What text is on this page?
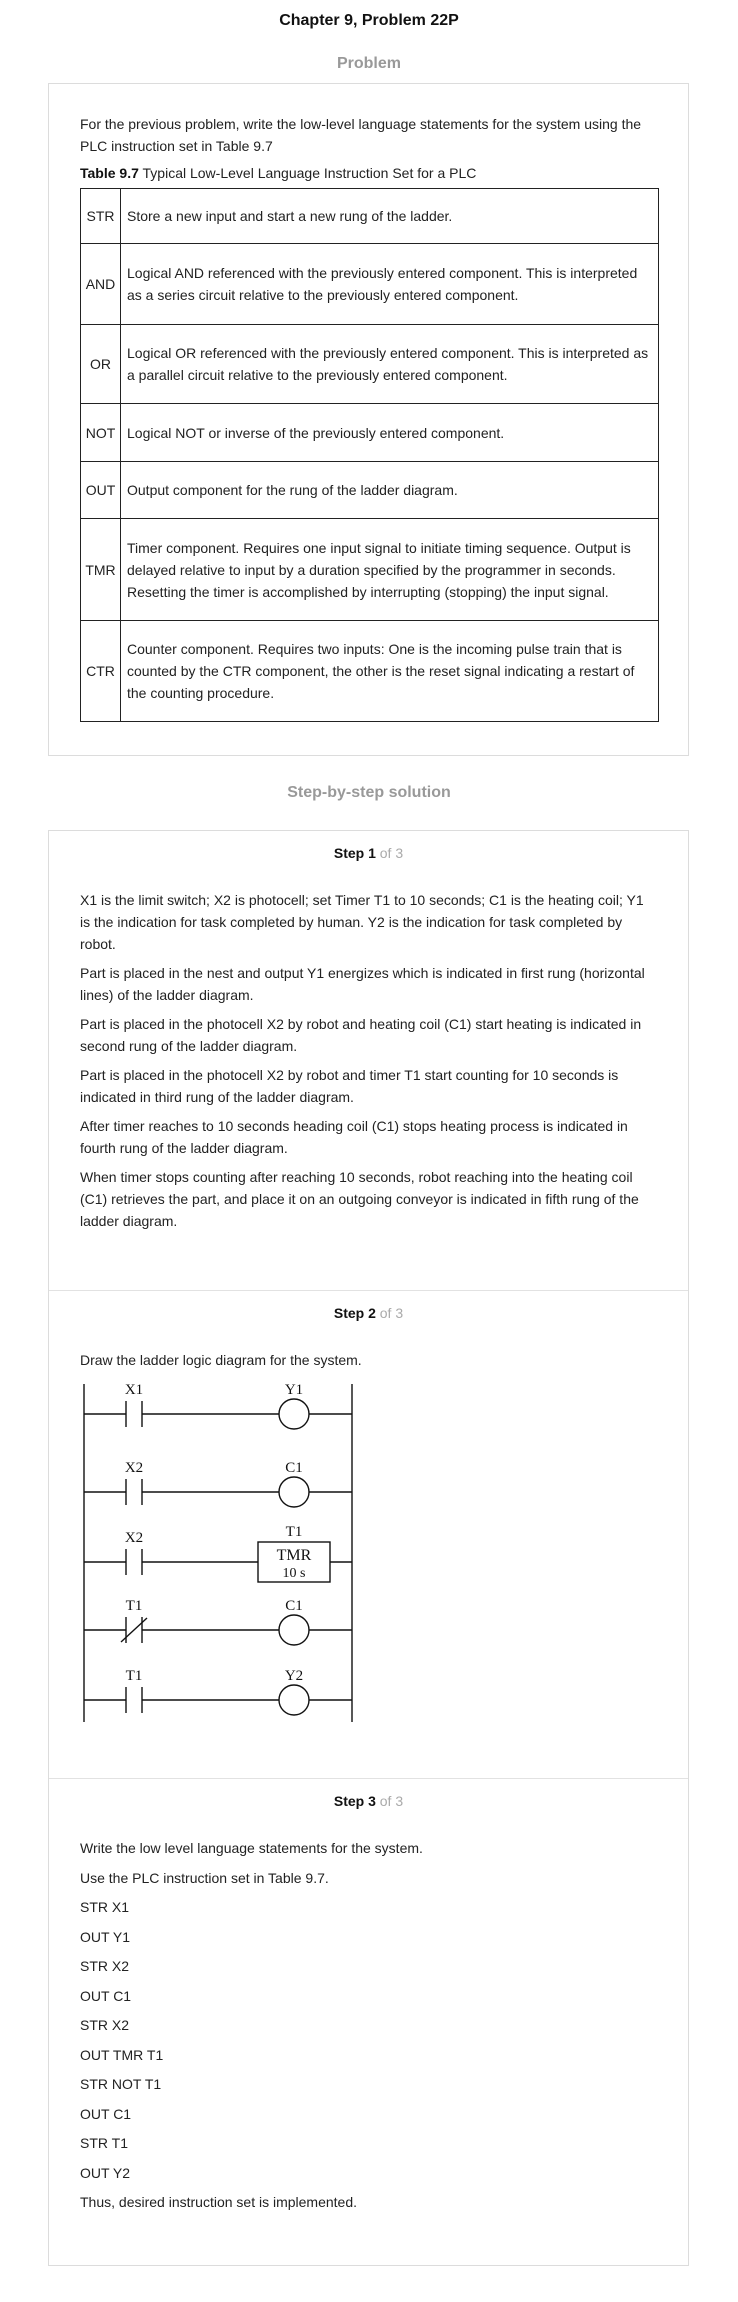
Chapter 9, Problem 22P
Problem

For the previous problem, write the low-level language statements for the system using the PLC instruction set in Table 9.7

Table 9.7 Typical Low-Level Language Instruction Set for a PLC

STR	Store a new input and start a new rung of the ladder.
AND	Logical AND referenced with the previously entered component. This is interpreted as a series circuit relative to the previously entered component.
OR	Logical OR referenced with the previously entered component. This is interpreted as a parallel circuit relative to the previously entered component.
NOT	Logical NOT or inverse of the previously entered component.
OUT	Output component for the rung of the ladder diagram.
TMR	Timer component. Requires one input signal to initiate timing sequence. Output is delayed relative to input by a duration specified by the programmer in seconds. Resetting the timer is accomplished by interrupting (stopping) the input signal.
CTR	Counter component. Requires two inputs: One is the incoming pulse train that is counted by the CTR component, the other is the reset signal indicating a restart of the counting procedure.
Step-by-step solution
Step 1 of 3

X1 is the limit switch; X2 is photocell; set Timer T1 to 10 seconds; C1 is the heating coil; Y1 is the indication for task completed by human. Y2 is the indication for task completed by robot.

Part is placed in the nest and output Y1 energizes which is indicated in first rung (horizontal lines) of the ladder diagram.

Part is placed in the photocell X2 by robot and heating coil (C1) start heating is indicated in second rung of the ladder diagram.

Part is placed in the photocell X2 by robot and timer T1 start counting for 10 seconds is indicated in third rung of the ladder diagram.

After timer reaches to 10 seconds heading coil (C1) stops heating process is indicated in fourth rung of the ladder diagram.

When timer stops counting after reaching 10 seconds, robot reaching into the heating coil (C1) retrieves the part, and place it on an outgoing conveyor is indicated in fifth rung of the ladder diagram.

Step 2 of 3

Draw the ladder logic diagram for the system.

X1	Y1
X2	C1
X2	T1
TMR
10 s
T1	C1
T1	Y2
Step 3 of 3

Write the low level language statements for the system.

Use the PLC instruction set in Table 9.7.

STR X1

OUT Y1

STR X2

OUT C1

STR X2

OUT TMR T1

STR NOT T1

OUT C1

STR T1

OUT Y2

Thus, desired instruction set is implemented.
